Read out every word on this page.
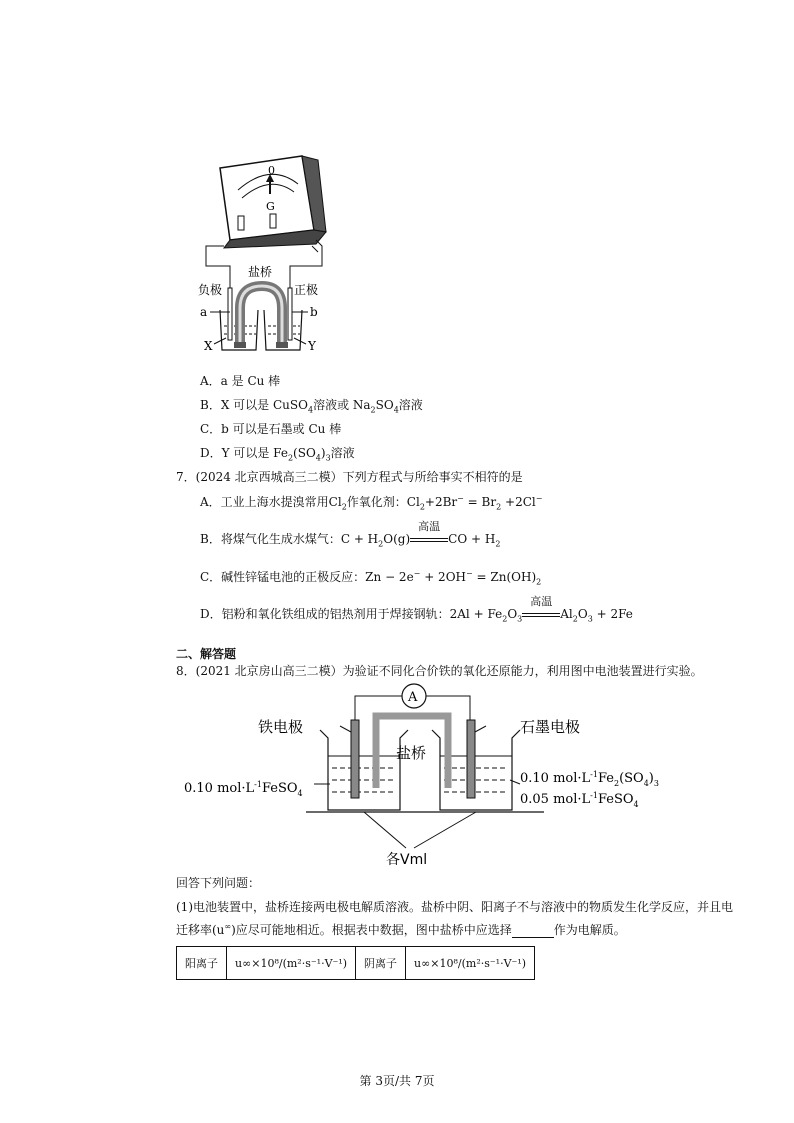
0
G
盐桥
负极	正极
a	b
X	Y
A．a 是 Cu 棒
B．X 可以是 CuSO$_4$溶液或 $Na_2SO_4$溶液
C．b 可以是石墨或 Cu 棒
D．Y 可以是 $Fe_2(SO_4)_3$溶液
7．(2024 北京西城高三二模）下列方程式与所给事实不相符的是
A．工业上海水提溴常用$Cl_2$作氧化剂：$Cl_2+2Br^- = Br_2 +2Cl^-$
B．将煤气化生成水煤气：$C + H_2O(g)$
高温
CO + $H_2$
C．碱性锌锰电池的正极反应：$Zn - 2e^- + 2OH^- = Zn(OH)_2$
D．铝粉和氧化铁组成的铝热剂用于焊接钢轨：$2Al + Fe_2O_3$
高温
$Al_2O_3 + 2Fe$
二、解答题
8．(2021 北京房山高三二模）为验证不同化合价铁的氧化还原能力，利用图中电池装置进行实验。
A
铁电极	石墨电极
盐桥
0.10 $mol\cdot L^{-1}FeSO_4$
0.10 $mol\cdot L^{-1}Fe_2(SO_4)_3$
0.05 $mol\cdot L^{-1}FeSO_4$
各Vml
回答下列问题：
(1)电池装置中，盐桥连接两电极电解质溶液。盐桥中阴、阳离子不与溶液中的物质发生化学反应，并且电
迁移率(u∞)应尽可能地相近。根据表中数据，图中盐桥中应选择	作为电解质。
阳离子	u∞×10⁸/(m²·s⁻¹·V⁻¹)	阴离子	u∞×10⁸/(m²·s⁻¹·V⁻¹)
第 3页/共 7页
